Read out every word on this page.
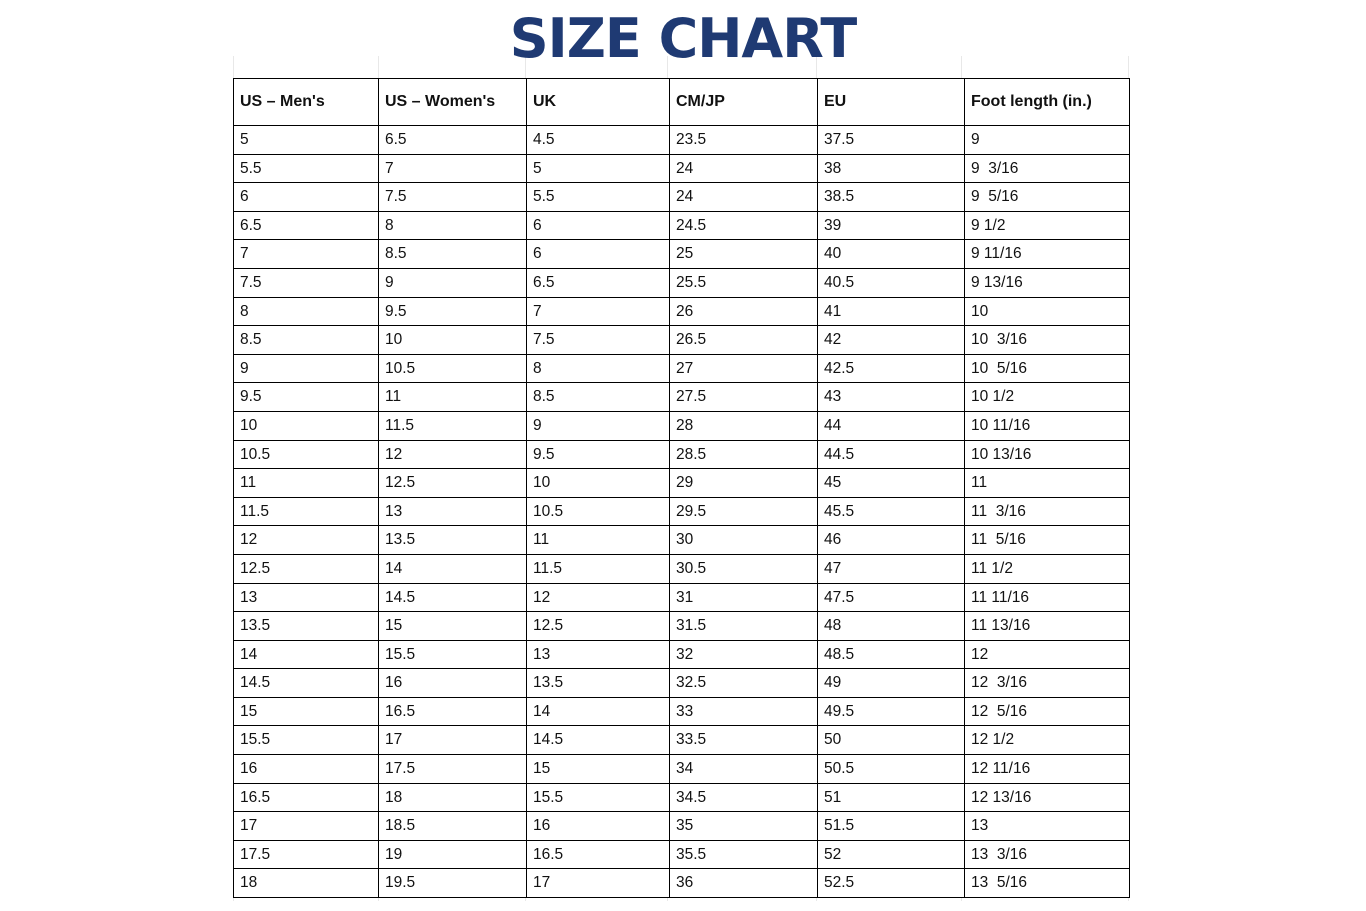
SIZE CHART
US – Men's	US – Women's	UK	CM/JP	EU	Foot length (in.)
5	6.5	4.5	23.5	37.5	9
5.5	7	5	24	38	9  3/16
6	7.5	5.5	24	38.5	9  5/16
6.5	8	6	24.5	39	9 1/2
7	8.5	6	25	40	9 11/16
7.5	9	6.5	25.5	40.5	9 13/16
8	9.5	7	26	41	10
8.5	10	7.5	26.5	42	10  3/16
9	10.5	8	27	42.5	10  5/16
9.5	11	8.5	27.5	43	10 1/2
10	11.5	9	28	44	10 11/16
10.5	12	9.5	28.5	44.5	10 13/16
11	12.5	10	29	45	11
11.5	13	10.5	29.5	45.5	11  3/16
12	13.5	11	30	46	11  5/16
12.5	14	11.5	30.5	47	11 1/2
13	14.5	12	31	47.5	11 11/16
13.5	15	12.5	31.5	48	11 13/16
14	15.5	13	32	48.5	12
14.5	16	13.5	32.5	49	12  3/16
15	16.5	14	33	49.5	12  5/16
15.5	17	14.5	33.5	50	12 1/2
16	17.5	15	34	50.5	12 11/16
16.5	18	15.5	34.5	51	12 13/16
17	18.5	16	35	51.5	13
17.5	19	16.5	35.5	52	13  3/16
18	19.5	17	36	52.5	13  5/16
